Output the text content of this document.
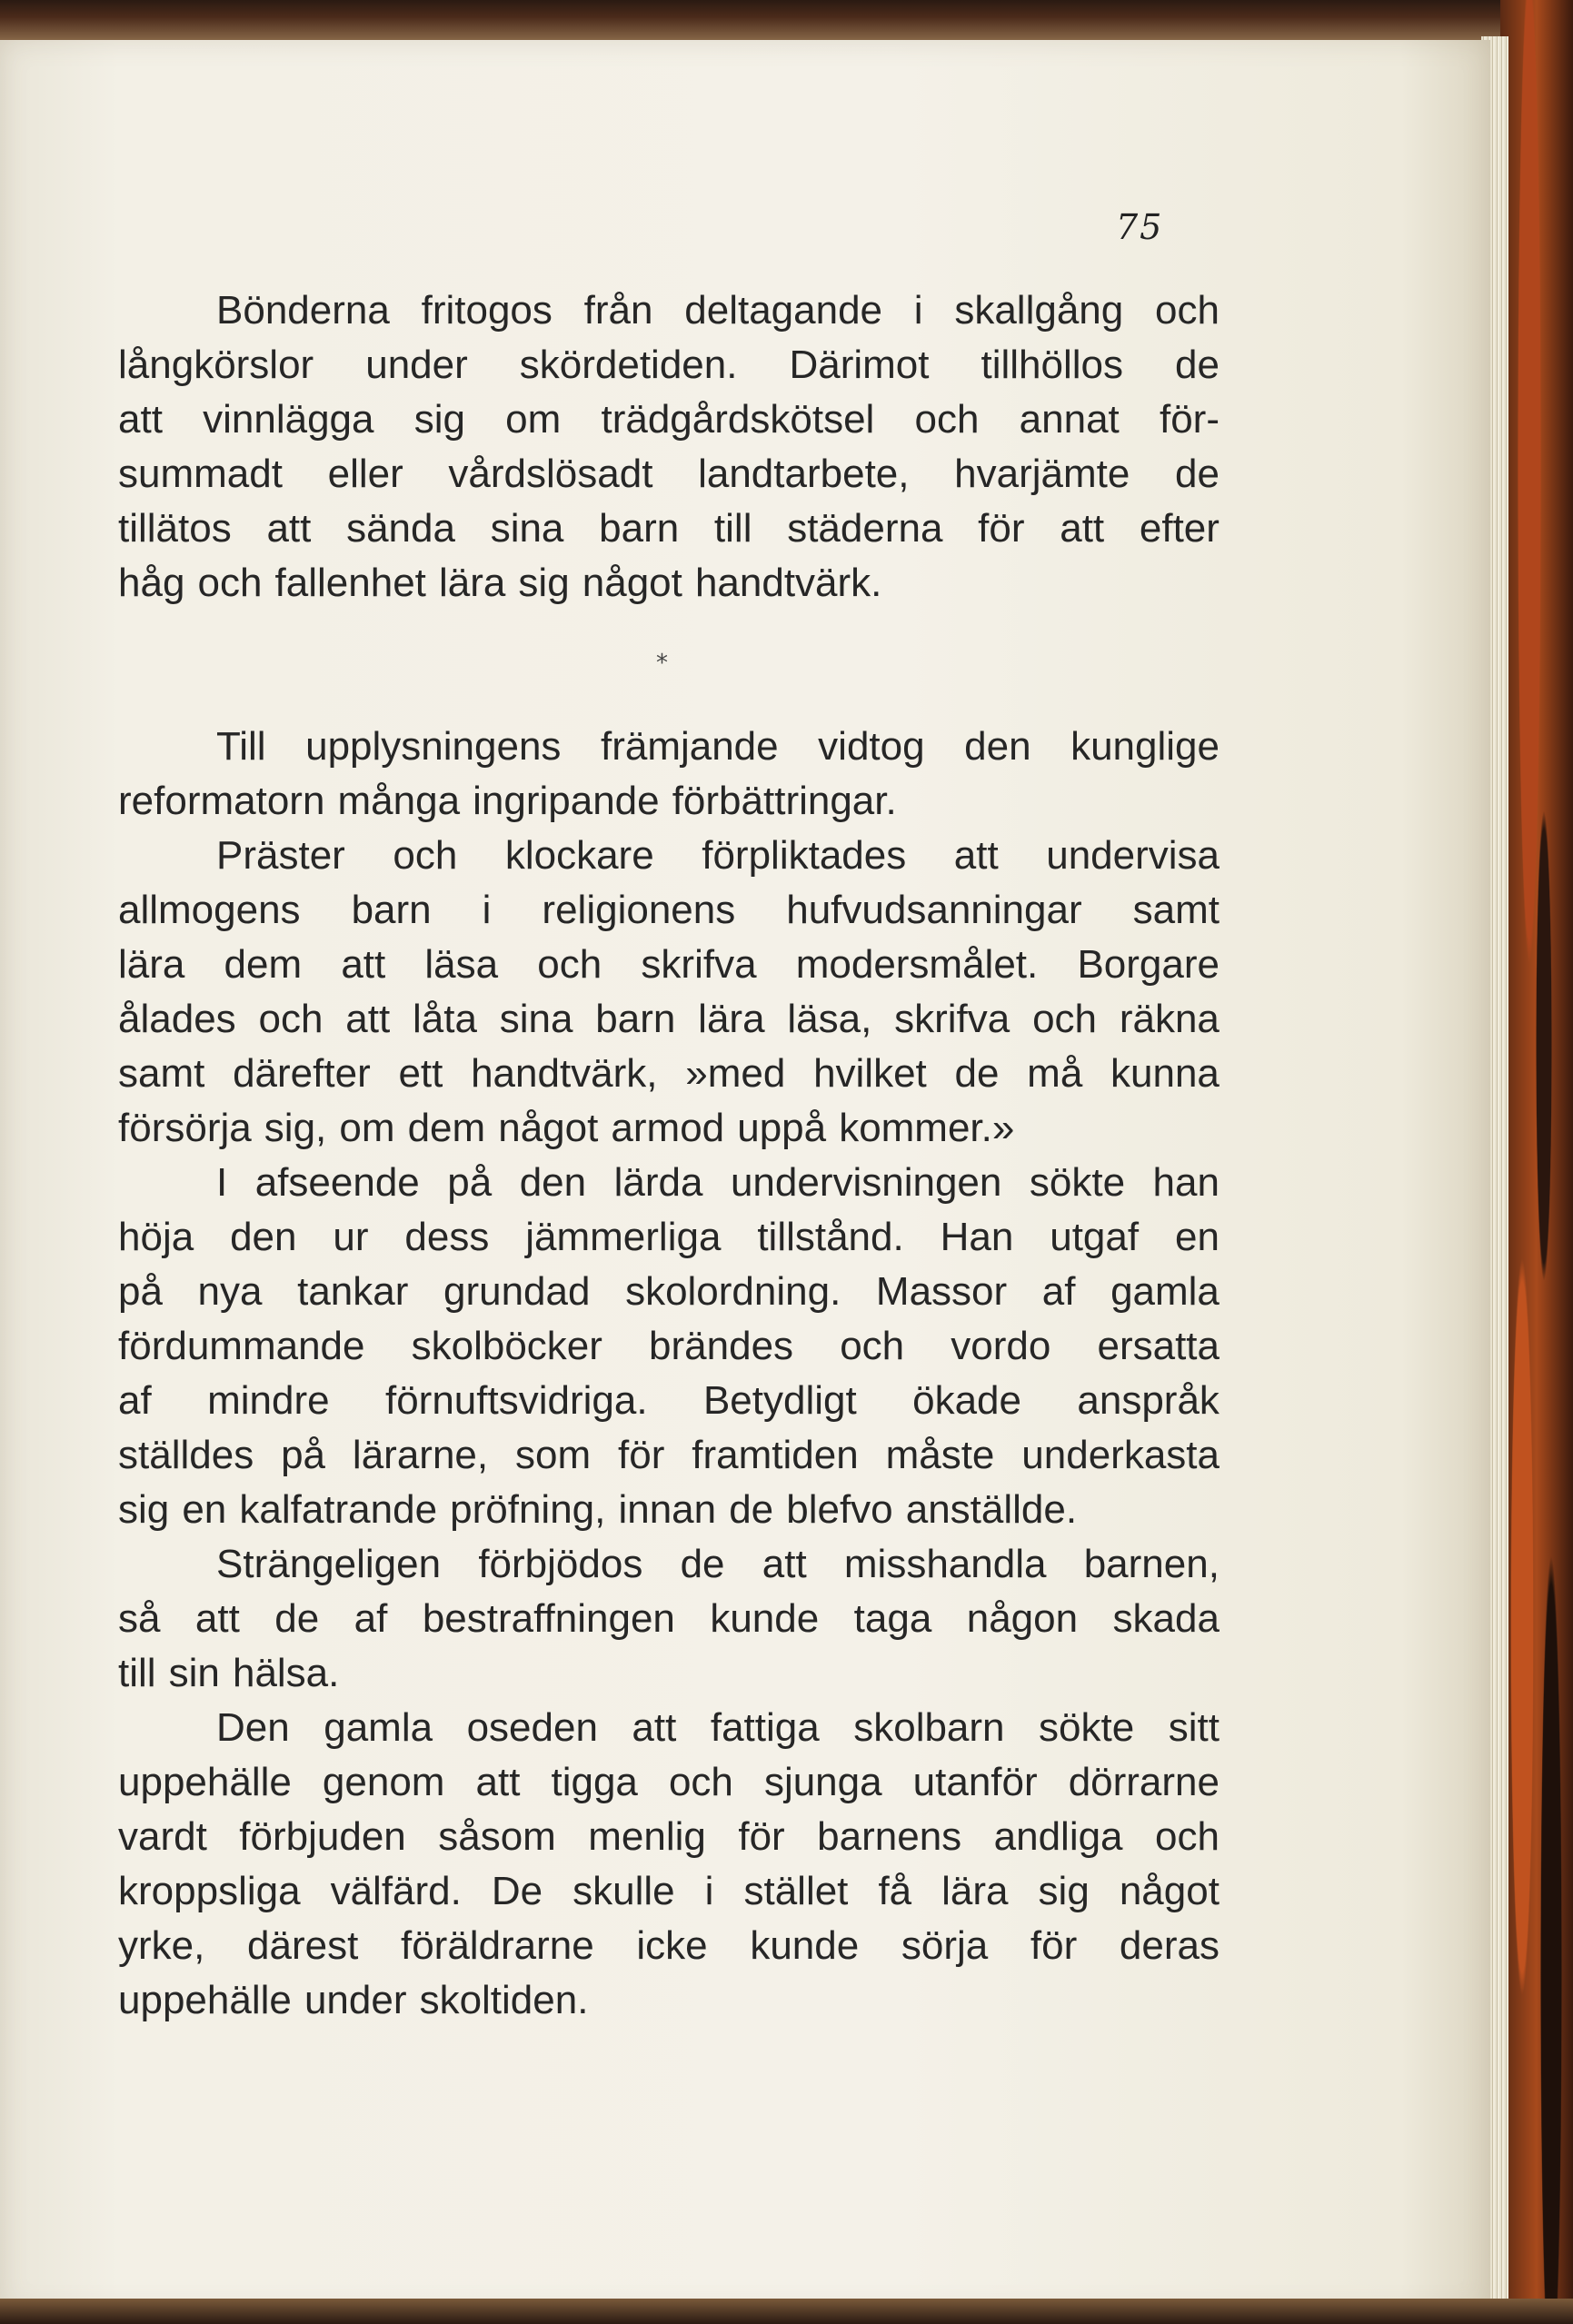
75
Bönderna fritogos från deltagande i skallgång och
långkörslor under skördetiden. Därimot tillhöllos de
att vinnlägga sig om trädgårdskötsel och annat för-
summadt eller vårdslösadt landtarbete, hvarjämte de
tillätos att sända sina barn till städerna för att efter
håg och fallenhet lära sig något handtvärk.
*
Till upplysningens främjande vidtog den kunglige
reformatorn många ingripande förbättringar.
Präster och klockare förpliktades att undervisa
allmogens barn i religionens hufvudsanningar samt
lära dem att läsa och skrifva modersmålet. Borgare
ålades och att låta sina barn lära läsa, skrifva och räkna
samt därefter ett handtvärk, »med hvilket de må kunna
försörja sig, om dem något armod uppå kommer.»
I afseende på den lärda undervisningen sökte han
höja den ur dess jämmerliga tillstånd. Han utgaf en
på nya tankar grundad skolordning. Massor af gamla
fördummande skolböcker brändes och vordo ersatta
af mindre förnuftsvidriga. Betydligt ökade anspråk
ställdes på lärarne, som för framtiden måste underkasta
sig en kalfatrande pröfning, innan de blefvo anställde.
Strängeligen förbjödos de att misshandla barnen,
så att de af bestraffningen kunde taga någon skada
till sin hälsa.
Den gamla oseden att fattiga skolbarn sökte sitt
uppehälle genom att tigga och sjunga utanför dörrarne
vardt förbjuden såsom menlig för barnens andliga och
kroppsliga välfärd. De skulle i stället få lära sig något
yrke, därest föräldrarne icke kunde sörja för deras
uppehälle under skoltiden.
